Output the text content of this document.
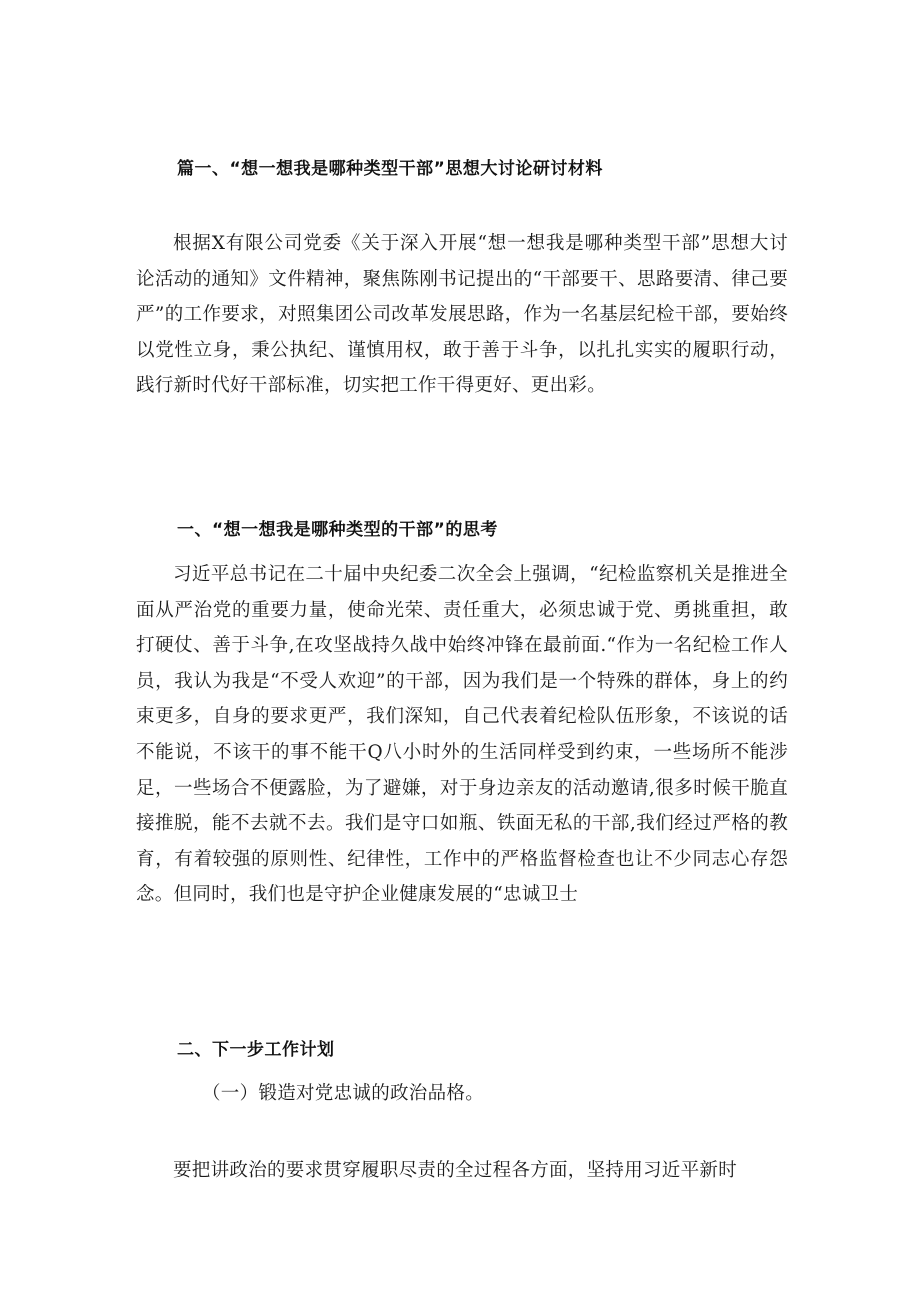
篇一、“想一想我是哪种类型干部”思想大讨论研讨材料

根据X有限公司党委《关于深入开展“想一想我是哪种类型干部”思想大讨论活动的通知》文件精神，聚焦陈刚书记提出的“干部要干、思路要清、律己要严”的工作要求，对照集团公司改革发展思路，作为一名基层纪检干部，要始终以党性立身，秉公执纪、谨慎用权，敢于善于斗争，以扎扎实实的履职行动，践行新时代好干部标准，切实把工作干得更好、更出彩。

一、“想一想我是哪种类型的干部”的思考

习近平总书记在二十届中央纪委二次全会上强调，“纪检监察机关是推进全面从严治党的重要力量，使命光荣、责任重大，必须忠诚于党、勇挑重担，敢打硬仗、善于斗争,在攻坚战持久战中始终冲锋在最前面.“作为一名纪检工作人员，我认为我是“不受人欢迎”的干部，因为我们是一个特殊的群体，身上的约束更多，自身的要求更严，我们深知，自己代表着纪检队伍形象，不该说的话不能说，不该干的事不能干Q八小时外的生活同样受到约束，一些场所不能涉足，一些场合不便露脸，为了避嫌，对于身边亲友的活动邀请,很多时候干脆直接推脱，能不去就不去。我们是守口如瓶、铁面无私的干部,我们经过严格的教育，有着较强的原则性、纪律性，工作中的严格监督检查也让不少同志心存怨念。但同时，我们也是守护企业健康发展的“忠诚卫士

二、下一步工作计划
（一）锻造对党忠诚的政治品格。

要把讲政治的要求贯穿履职尽责的全过程各方面，坚持用习近平新时
